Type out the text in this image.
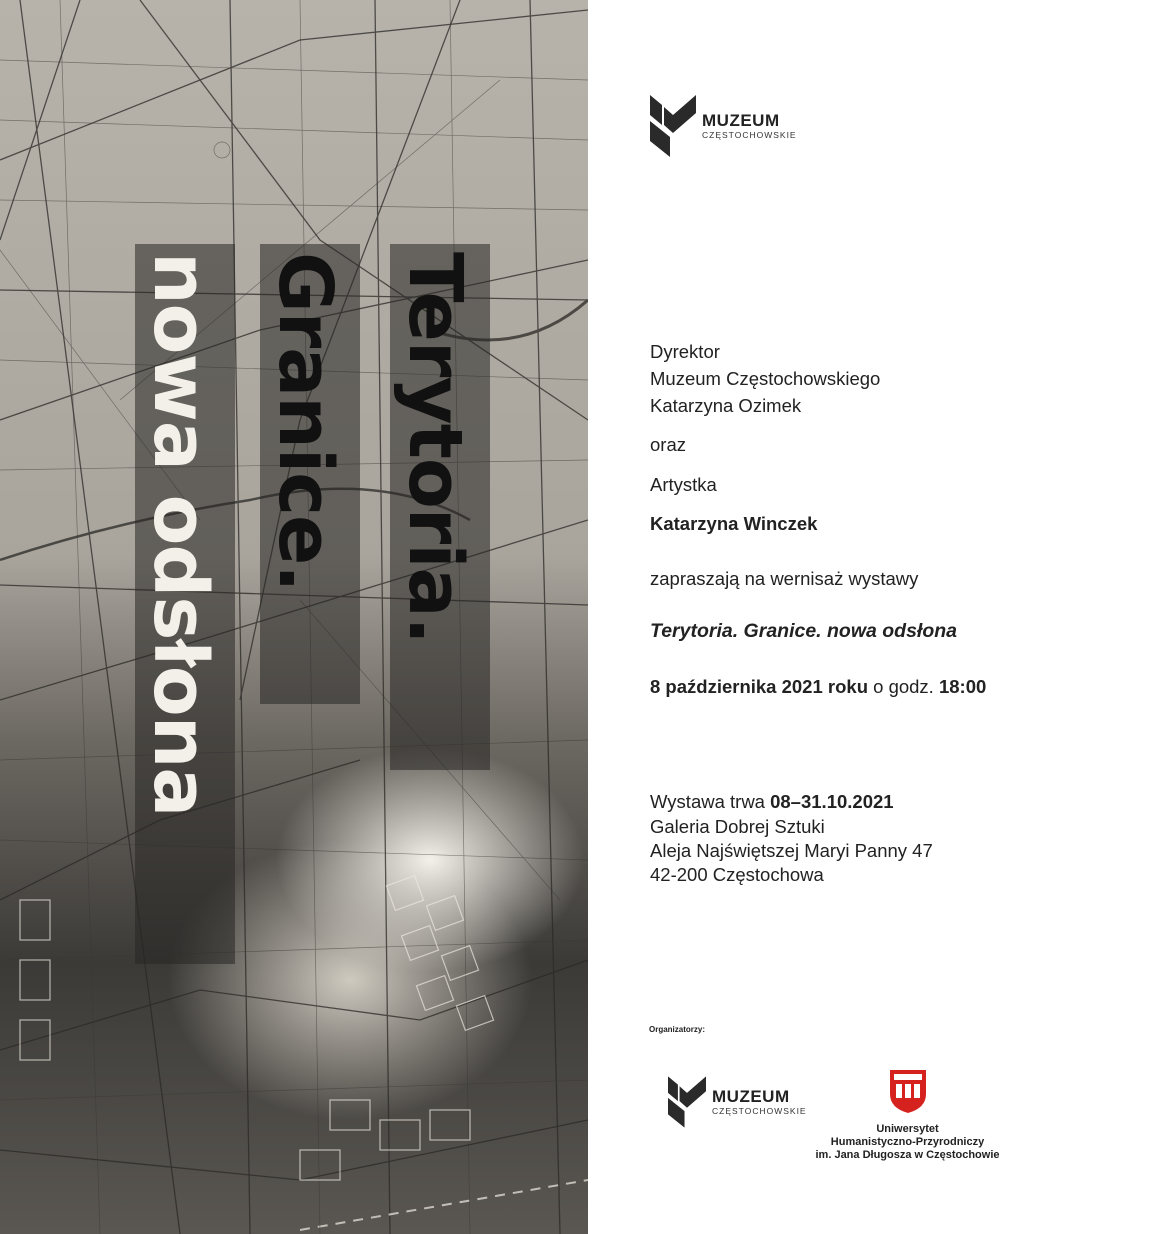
Terytoria.
Granice.
nowa odsłona
MUZEUM
CZĘSTOCHOWSKIE
Dyrektor
Muzeum Częstochowskiego
Katarzyna Ozimek
oraz
Artystka
Katarzyna Winczek
zapraszają na wernisaż wystawy
Terytoria. Granice. nowa odsłona
8 października 2021 roku o godz. 18:00
Wystawa trwa 08–31.10.2021
Galeria Dobrej Sztuki
Aleja Najświętszej Maryi Panny 47
42-200 Częstochowa
Organizatorzy:
MUZEUM
CZĘSTOCHOWSKIE
Uniwersytet
Humanistyczno-Przyrodniczy
im. Jana Długosza w Częstochowie
